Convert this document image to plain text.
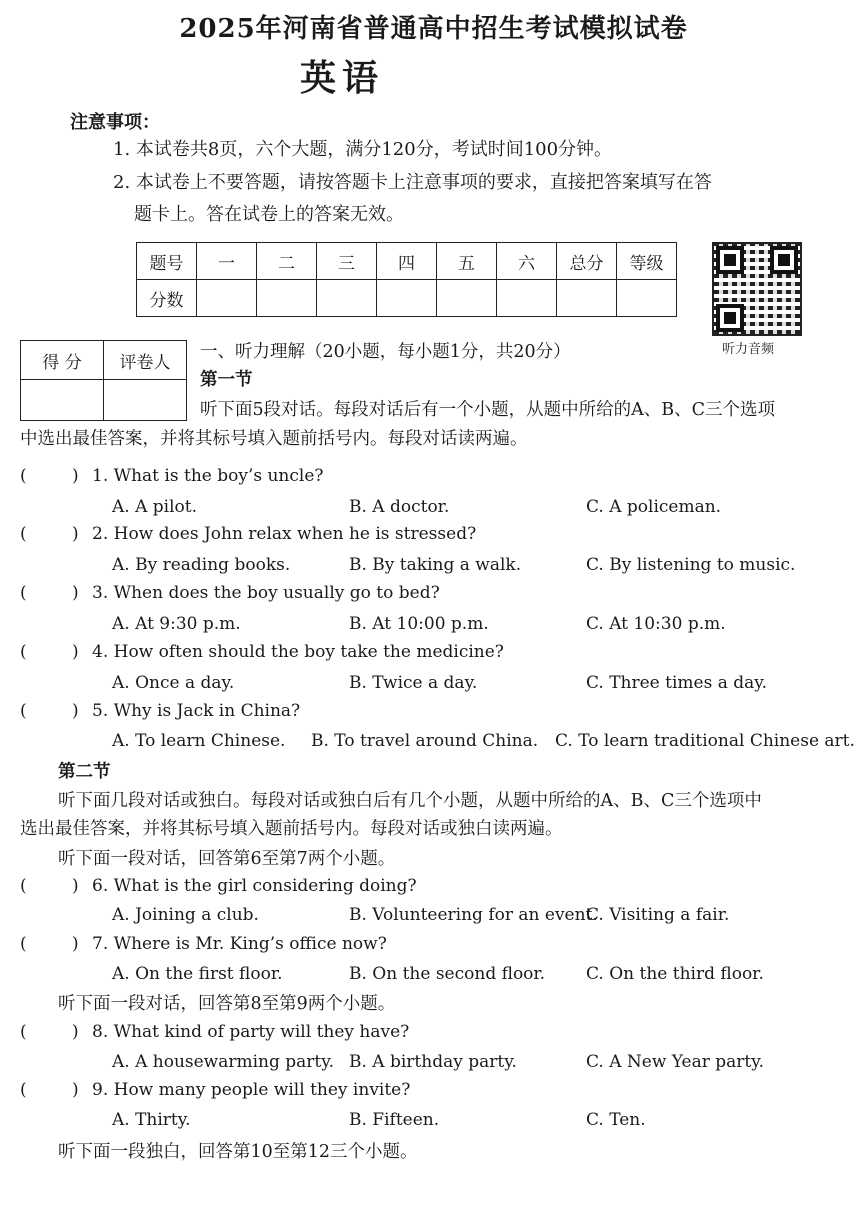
2025年河南省普通高中招生考试模拟试卷
英语
注意事项：
1. 本试卷共8页，六个大题，满分120分，考试时间100分钟。
2. 本试卷上不要答题，请按答题卡上注意事项的要求，直接把答案填写在答
题卡上。答在试卷上的答案无效。
题号	一	二	三	四	五	六	总分	等级
分数								
听力音频
得 分	评卷人

一、听力理解（20小题，每小题1分，共20分）
第一节
听下面5段对话。每段对话后有一个小题，从题中所给的A、B、C三个选项
中选出最佳答案，并将其标号填入题前括号内。每段对话读两遍。
(	) 1. What is the boy’s uncle?
A. A pilot.	B. A doctor.	C. A policeman.
(	) 2. How does John relax when he is stressed?
A. By reading books.	B. By taking a walk.	C. By listening to music.
(	) 3. When does the boy usually go to bed?
A. At 9:30 p.m.	B. At 10:00 p.m.	C. At 10:30 p.m.
(	) 4. How often should the boy take the medicine?
A. Once a day.	B. Twice a day.	C. Three times a day.
(	) 5. Why is Jack in China?
A. To learn Chinese. B. To travel around China. C. To learn traditional Chinese art.
第二节
听下面几段对话或独白。每段对话或独白后有几个小题，从题中所给的A、B、C三个选项中
选出最佳答案，并将其标号填入题前括号内。每段对话或独白读两遍。
听下面一段对话，回答第6至第7两个小题。
(	) 6. What is the girl considering doing?
A. Joining a club.	B. Volunteering for an event.
C. Visiting a fair.
(	) 7. Where is Mr. King’s office now?
A. On the first floor.	B. On the second floor. C. On the third floor.
听下面一段对话，回答第8至第9两个小题。
(	) 8. What kind of party will they have?
A. A housewarming party. B. A birthday party.	C. A New Year party.
(	) 9. How many people will they invite?
A. Thirty.	B. Fifteen.	C. Ten.
听下面一段独白，回答第10至第12三个小题。
